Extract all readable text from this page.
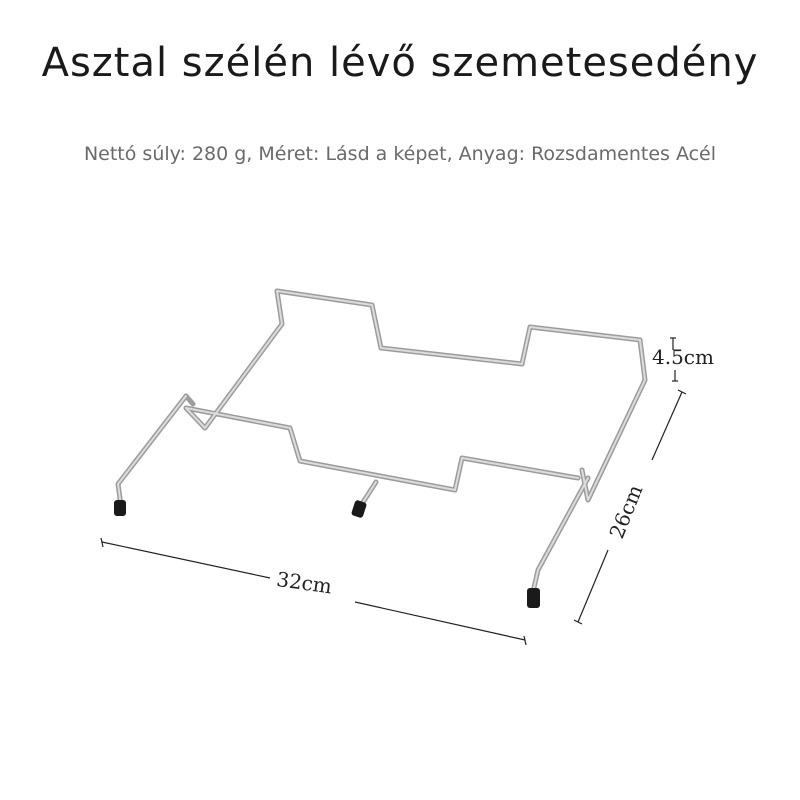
Asztal szélén lévő szemetesedény
Nettó súly: 280 g, Méret: Lásd a képet, Anyag: Rozsdamentes Acél
32cm
26cm
4.5cm
